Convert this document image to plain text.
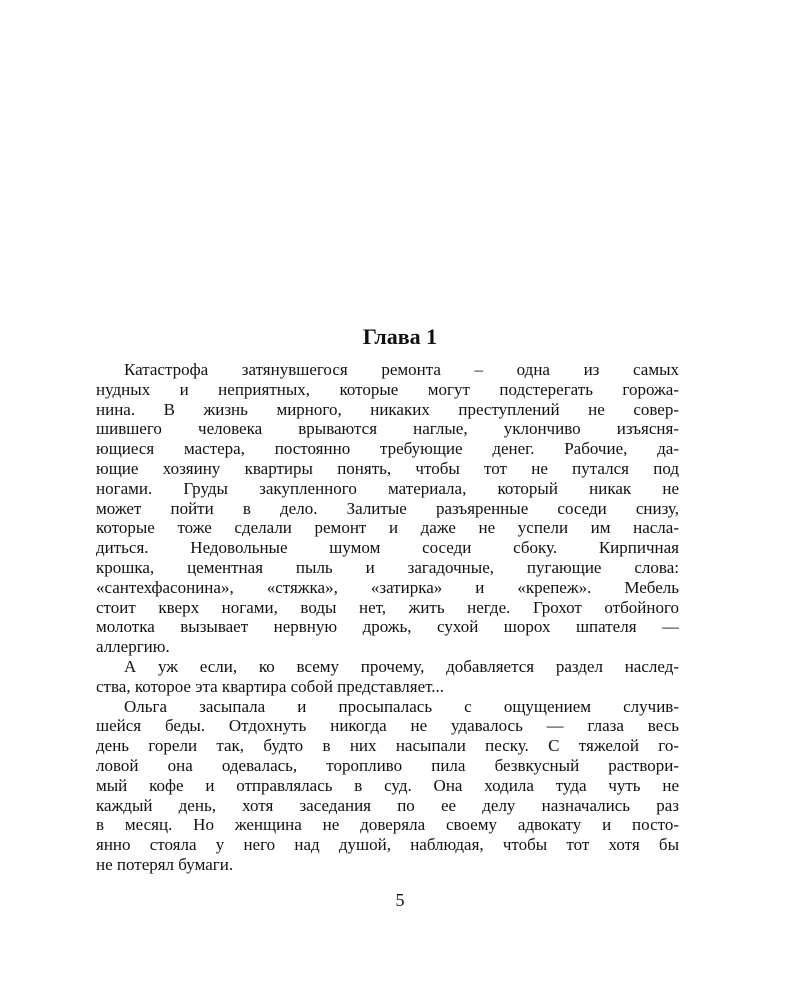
Глава 1
Катастрофа затянувшегося ремонта – одна из самых
нудных и неприятных, которые могут подстерегать горожа-
нина. В жизнь мирного, никаких преступлений не совер-
шившего человека врываются наглые, уклончиво изъясня-
ющиеся мастера, постоянно требующие денег. Рабочие, да-
ющие хозяину квартиры понять, чтобы тот не путался под
ногами. Груды закупленного материала, который никак не
может пойти в дело. Залитые разъяренные соседи снизу,
которые тоже сделали ремонт и даже не успели им насла-
диться. Недовольные шумом соседи сбоку. Кирпичная
крошка, цементная пыль и загадочные, пугающие слова:
«сантехфасонина», «стяжка», «затирка» и «крепеж». Мебель
стоит кверх ногами, воды нет, жить негде. Грохот отбойного
молотка вызывает нервную дрожь, сухой шорох шпателя —
аллергию.
А уж если, ко всему прочему, добавляется раздел наслед-
ства, которое эта квартира собой представляет...
Ольга засыпала и просыпалась с ощущением случив-
шейся беды. Отдохнуть никогда не удавалось — глаза весь
день горели так, будто в них насыпали песку. С тяжелой го-
ловой она одевалась, торопливо пила безвкусный раствори-
мый кофе и отправлялась в суд. Она ходила туда чуть не
каждый день, хотя заседания по ее делу назначались раз
в месяц. Но женщина не доверяла своему адвокату и посто-
янно стояла у него над душой, наблюдая, чтобы тот хотя бы
не потерял бумаги.
5
